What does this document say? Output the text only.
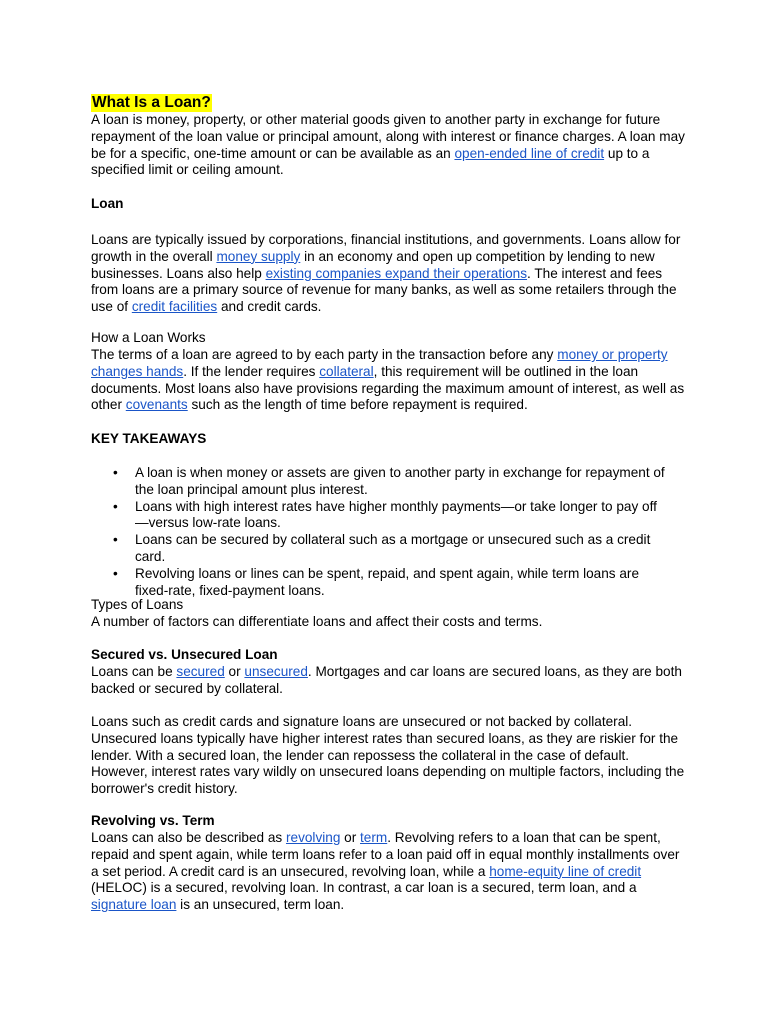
What Is a Loan?

A loan is money, property, or other material goods given to another party in exchange for future repayment of the loan value or principal amount, along with interest or finance charges. A loan may be for a specific, one-time amount or can be available as an open-ended line of credit up to a specified limit or ceiling amount.

Loan

Loans are typically issued by corporations, financial institutions, and governments. Loans allow for growth in the overall money supply in an economy and open up competition by lending to new businesses. Loans also help existing companies expand their operations. The interest and fees from loans are a primary source of revenue for many banks, as well as some retailers through the use of credit facilities and credit cards.

How a Loan Works

The terms of a loan are agreed to by each party in the transaction before any money or property changes hands. If the lender requires collateral, this requirement will be outlined in the loan documents. Most loans also have provisions regarding the maximum amount of interest, as well as other covenants such as the length of time before repayment is required.

KEY TAKEAWAYS
• A loan is when money or assets are given to another party in exchange for repayment of the loan principal amount plus interest.
• Loans with high interest rates have higher monthly payments—or take longer to pay off—versus low-rate loans.
• Loans can be secured by collateral such as a mortgage or unsecured such as a credit card.
• Revolving loans or lines can be spent, repaid, and spent again, while term loans are fixed-rate, fixed-payment loans.
Types of Loans
A number of factors can differentiate loans and affect their costs and terms.
Secured vs. Unsecured Loan

Loans can be secured or unsecured. Mortgages and car loans are secured loans, as they are both backed or secured by collateral.

Loans such as credit cards and signature loans are unsecured or not backed by collateral. Unsecured loans typically have higher interest rates than secured loans, as they are riskier for the lender. With a secured loan, the lender can repossess the collateral in the case of default. However, interest rates vary wildly on unsecured loans depending on multiple factors, including the borrower's credit history.

Revolving vs. Term

Loans can also be described as revolving or term. Revolving refers to a loan that can be spent, repaid and spent again, while term loans refer to a loan paid off in equal monthly installments over a set period. A credit card is an unsecured, revolving loan, while a home-equity line of credit (HELOC) is a secured, revolving loan. In contrast, a car loan is a secured, term loan, and a signature loan is an unsecured, term loan.
